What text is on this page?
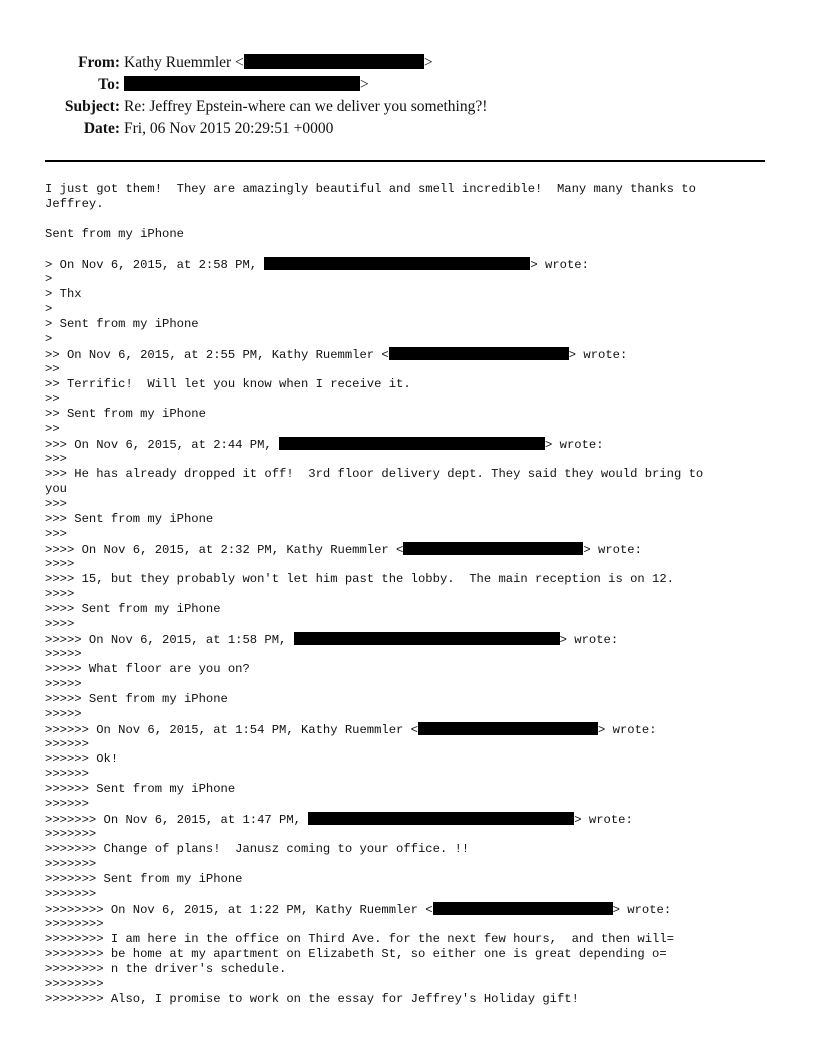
From: Kathy Ruemmler <	>
To:	>
Subject: Re: Jeffrey Epstein-where can we deliver you something?!
Date: Fri, 06 Nov 2015 20:29:51 +0000
I just got them!  They are amazingly beautiful and smell incredible!  Many many thanks to
Jeffrey.
Sent from my iPhone
> On Nov 6, 2015, at 2:58 PM,	> wrote:
>
> Thx
>
> Sent from my iPhone
>
>> On Nov 6, 2015, at 2:55 PM, Kathy Ruemmler <	> wrote:
>>
>> Terrific!  Will let you know when I receive it.
>>
>> Sent from my iPhone
>>
>>> On Nov 6, 2015, at 2:44 PM,	> wrote:
>>>
>>> He has already dropped it off!  3rd floor delivery dept. They said they would bring to
you
>>>
>>> Sent from my iPhone
>>>
>>>> On Nov 6, 2015, at 2:32 PM, Kathy Ruemmler <	> wrote:
>>>>
>>>> 15, but they probably won't let him past the lobby.  The main reception is on 12.
>>>>
>>>> Sent from my iPhone
>>>>
>>>>> On Nov 6, 2015, at 1:58 PM,	> wrote:
>>>>>
>>>>> What floor are you on?
>>>>>
>>>>> Sent from my iPhone
>>>>>
>>>>>> On Nov 6, 2015, at 1:54 PM, Kathy Ruemmler <	> wrote:
>>>>>>
>>>>>> Ok!
>>>>>>
>>>>>> Sent from my iPhone
>>>>>>
>>>>>>> On Nov 6, 2015, at 1:47 PM,	> wrote:
>>>>>>>
>>>>>>> Change of plans!  Janusz coming to your office. !!
>>>>>>>
>>>>>>> Sent from my iPhone
>>>>>>>
>>>>>>>> On Nov 6, 2015, at 1:22 PM, Kathy Ruemmler <	> wrote:
>>>>>>>>
>>>>>>>> I am here in the office on Third Ave. for the next few hours,  and then will=
>>>>>>>> be home at my apartment on Elizabeth St, so either one is great depending o=
>>>>>>>> n the driver's schedule.
>>>>>>>>
>>>>>>>> Also, I promise to work on the essay for Jeffrey's Holiday gift!
